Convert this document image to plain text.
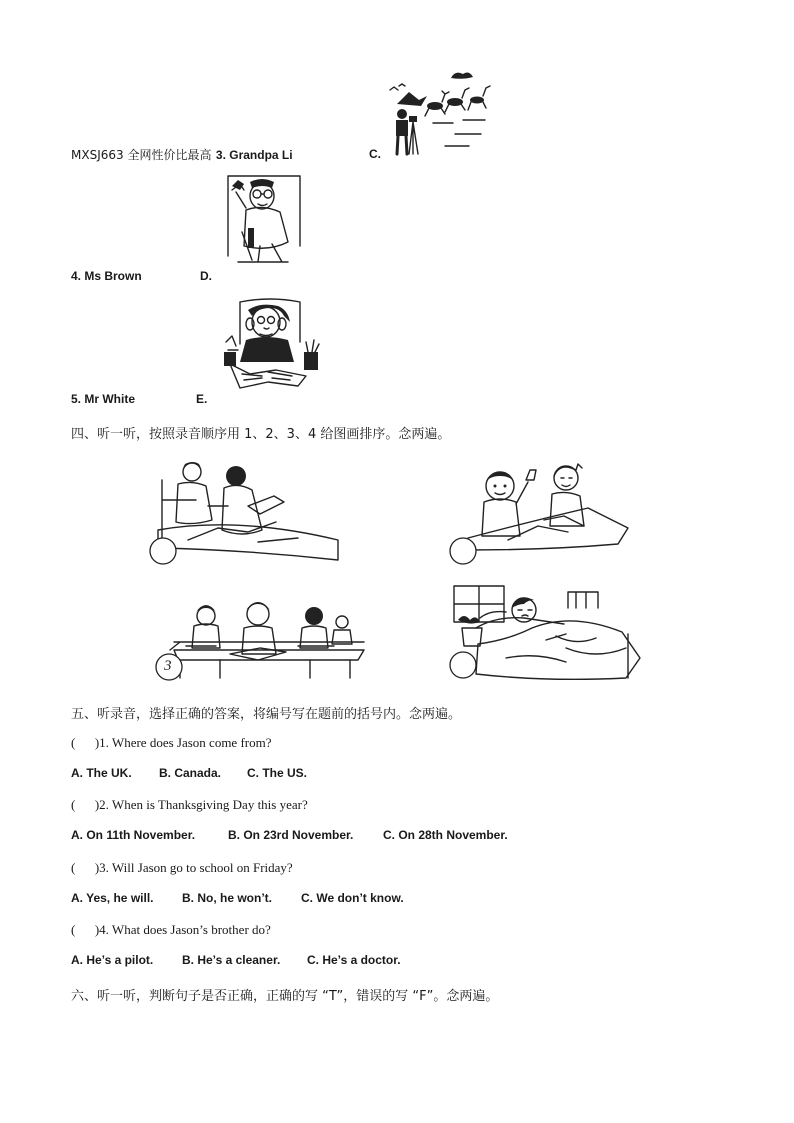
MXSJ663 全网性价比最高 3. Grandpa Li	C.
4. Ms Brown	D.
5. Mr White	E.
四、听一听，按照录音顺序用 1、2、3、4 给图画排序。念两遍。
3
五、听录音，选择正确的答案，将编号写在题前的括号内。念两遍。
(      )1. Where does Jason come from?
A. The UK. B. Canada. C. The US.
(      )2. When is Thanksgiving Day this year?
A. On 11th November.	B. On 23rd November. C. On 28th November.
(      )3. Will Jason go to school on Friday?
A. Yes, he will. B. No, he won’t. C. We don’t know.
(      )4. What does Jason’s brother do?
A. He’s a pilot. B. He’s a cleaner. C. He’s a doctor.
六、听一听，判断句子是否正确，正确的写 “T”，错误的写 “F”。念两遍。
